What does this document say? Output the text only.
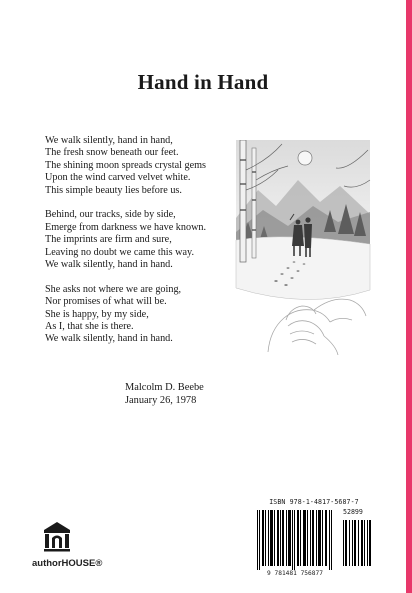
Hand in Hand
We walk silently, hand in hand,
The fresh snow beneath our feet.
The shining moon spreads crystal gems
Upon the wind carved velvet white.
This simple beauty lies before us.
Behind, our tracks, side by side,
Emerge from darkness we have known.
The imprints are firm and sure,
Leaving no doubt we came this way.
We walk silently, hand in hand.
She asks not where we are going,
Nor promises of what will be.
She is happy, by my side,
As I, that she is there.
We walk silently, hand in hand.
Malcolm D. Beebe
January 26, 1978
authorHOUSE®
ISBN 978-1-4817-5687-7
52899
9 781481 756877
